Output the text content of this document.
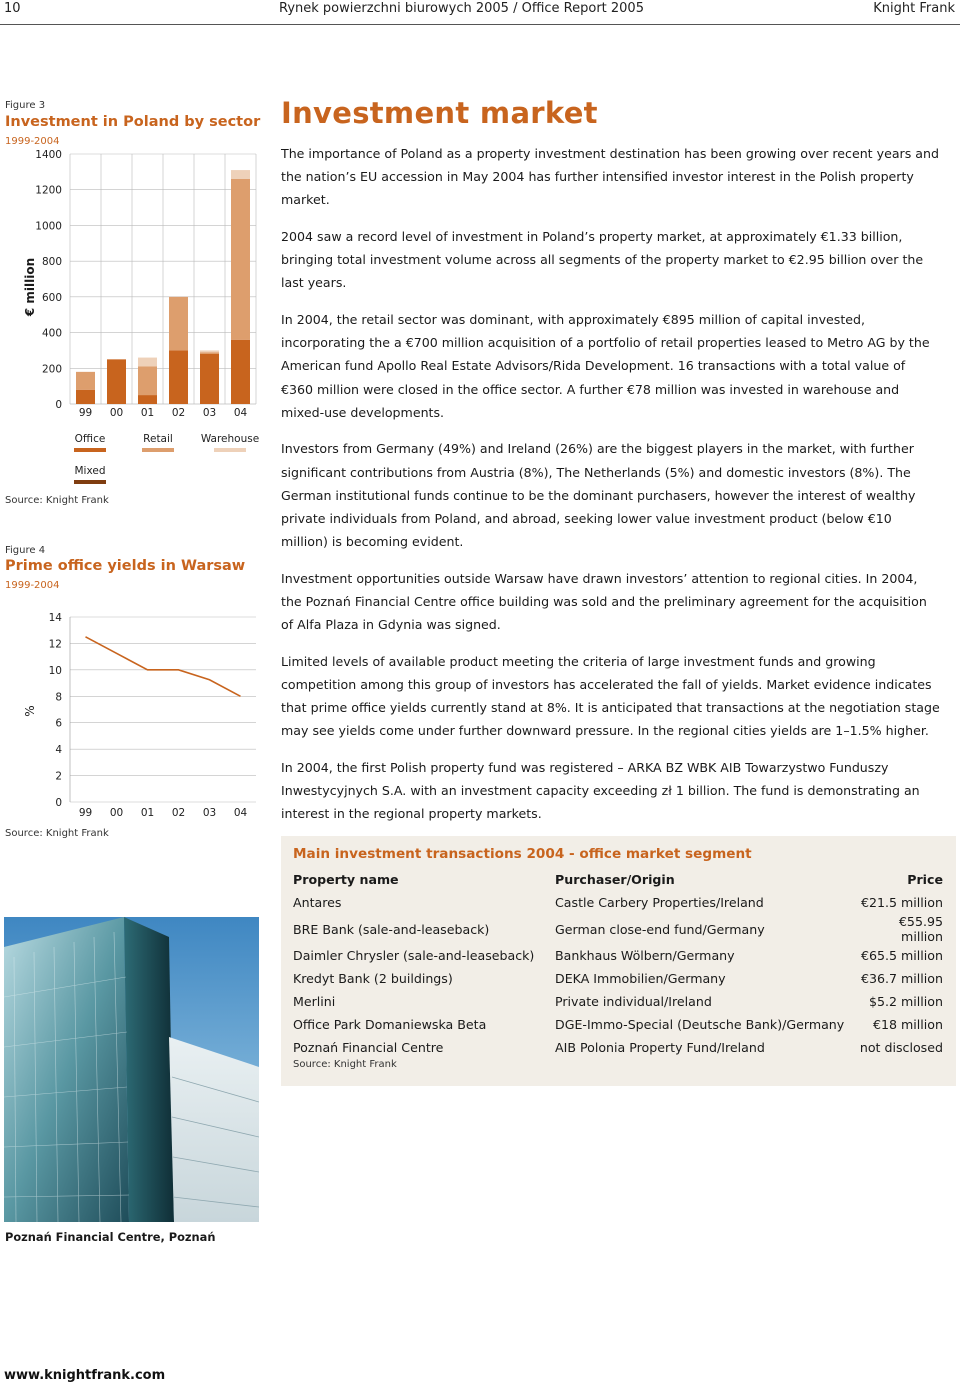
10	Rynek powierzchni biurowych 2005 / Office Report 2005	Knight Frank
Figure 3
Investment in Poland by sector
1999-2004
0
200
400
600
800
1000
1200
1400
99 00 01 02 03 04
€ million
Mixed
Office	Retail	Warehouse
Source: Knight Frank
Figure 4
Prime office yields in Warsaw
1999-2004
0
2
4
6
8
10
12
14
99 00 01 02 03 04
%
Source: Knight Frank
Poznań Financial Centre, Poznań
Investment market

The importance of Poland as a property investment destination has been growing over recent years and the nation’s EU accession in May 2004 has further intensified investor interest in the Polish property market.

2004 saw a record level of investment in Poland’s property market, at approximately €1.33 billion, bringing total investment volume across all segments of the property market to €2.95 billion over the last years.

In 2004, the retail sector was dominant, with approximately €895 million of capital invested, incorporating the a €700 million acquisition of a portfolio of retail properties leased to Metro AG by the American fund Apollo Real Estate Advisors/Rida Development. 16 transactions with a total value of €360 million were closed in the office sector. A further €78 million was invested in warehouse and mixed-use developments.

Investors from Germany (49%) and Ireland (26%) are the biggest players in the market, with further significant contributions from Austria (8%), The Netherlands (5%) and domestic investors (8%). The German institutional funds continue to be the dominant purchasers, however the interest of wealthy private individuals from Poland, and abroad, seeking lower value investment product (below €10 million) is becoming evident.

Investment opportunities outside Warsaw have drawn investors’ attention to regional cities. In 2004, the Poznań Financial Centre office building was sold and the preliminary agreement for the acquisition of Alfa Plaza in Gdynia was signed.

Limited levels of available product meeting the criteria of large investment funds and growing competition among this group of investors has accelerated the fall of yields. Market evidence indicates that prime office yields currently stand at 8%. It is anticipated that transactions at the negotiation stage may see yields come under further downward pressure. In the regional cities yields are 1–1.5% higher.

In 2004, the first Polish property fund was registered – ARKA BZ WBK AIB Towarzystwo Funduszy Inwestycyjnych S.A. with an investment capacity exceeding zł 1 billion. The fund is demonstrating an interest in the regional property markets.

Main investment transactions 2004 - office market segment
Property name	Purchaser/Origin	Price
Antares	Castle Carbery Properties/Ireland	€21.5 million
BRE Bank (sale-and-leaseback)	German close-end fund/Germany	€55.95 million
Daimler Chrysler (sale-and-leaseback)	Bankhaus Wölbern/Germany	€65.5 million
Kredyt Bank (2 buildings)	DEKA Immobilien/Germany	€36.7 million
Merlini	Private individual/Ireland	$5.2 million
Office Park Domaniewska Beta	DGE-Immo-Special (Deutsche Bank)/Germany	€18 million
Poznań Financial Centre	AIB Polonia Property Fund/Ireland	not disclosed
Source: Knight Frank
www.knightfrank.com
